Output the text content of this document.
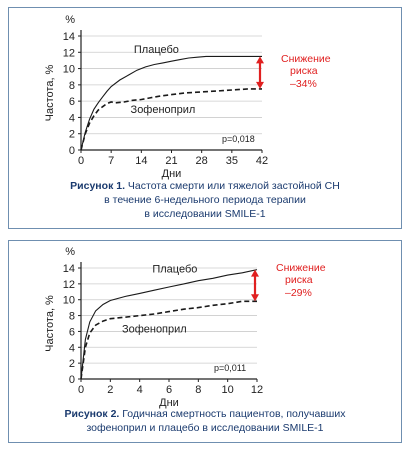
0
2
4
6
8
10
12
14
%
0 7 14 21 28 35 42
Дни
Частота, %
Плацебо
Зофеноприл
Снижение
риска
–34%
p=0,018
Рисунок 1. Частота смерти или тяжелой застойной СН
в течение 6-недельного периода терапии
в исследовании SMILE-1
0
2
4
6
8
10
12
14
%
0 2 4 6 8 10 12
Дни
Частота, %
Плацебо
Зофеноприл
Снижение
риска
–29%
p=0,011
Рисунок 2. Годичная смертность пациентов, получавших
зофеноприл и плацебо в исследовании SMILE-1
